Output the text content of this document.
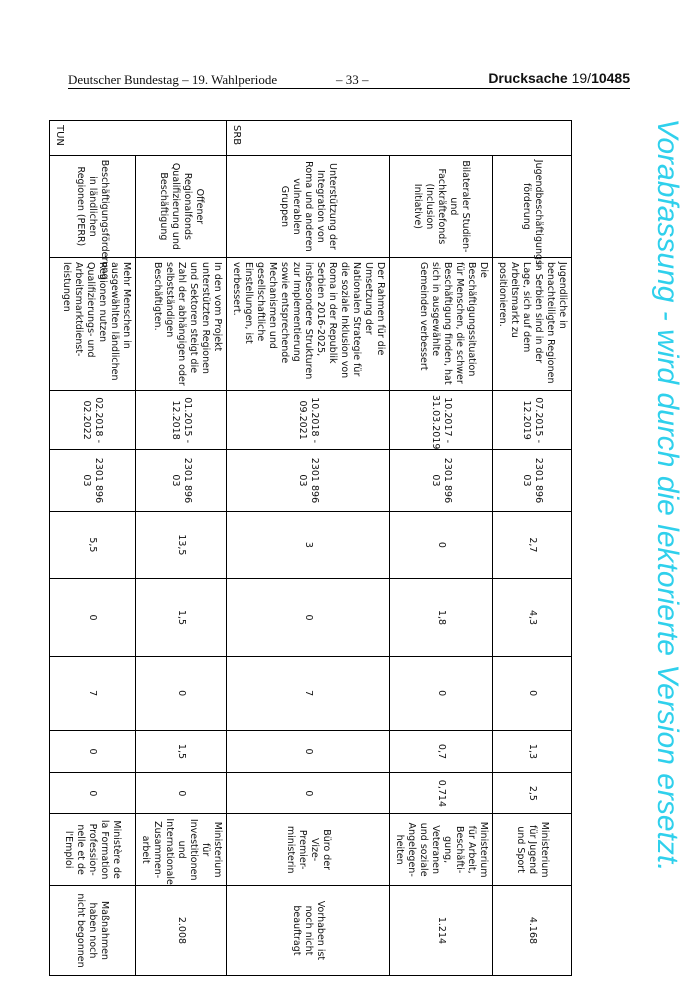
Deutscher Bundestag – 19. Wahlperiode	– 33 –	Drucksache 19/10485
Vorabfassung - wird durch die lektorierte Version ersetzt.
	Jugendbeschäftigungs-förderung	Jugendliche in benachteiligten Regionen in Serbien sind in der Lage, sich auf dem Arbeitsmarkt zu positionieren.	07.2015 - 12.2019	2301 896 03	2,7	4,3	0	1,3	2,5	Ministerium für Jugend und Sport	4.168
	Bilateraler Studien- und Fachkräftefonds (Inclusion Initiative)	Die Beschäftigungssituation für Menschen, die schwer Beschäftigung finden, hat sich in ausgewählte Gemeinden verbessert	10.2017 - 31.03.2019	2301 896 03	0	1,8	0	0,7	0,714	Ministerium für Arbeit, Beschäfti-gung, Veteranen und soziale Angelegen-heiten	1.214
SRB	Unterstützung der Integration von Roma und anderen vulnerablen Gruppen	Der Rahmen für die Umsetzung der Nationalen Strategie für die soziale Inklusion von Roma in der Republik Serbien 2016-2025, insbesondere Strukturen zur Implementierung sowie entsprechende Mechanismen und gesellschaftliche Einstellungen, ist verbessert.	10.2018 - 09.2021	2301 896 03	3	0	7	0	0	Büro der Vize-Premier-ministerin	Vorhaben ist noch nicht beauftragt
	Offener Regionalfonds Qualifizierung und Beschäftigung	In den vom Projekt unterstützten Regionen und Sektoren steigt die Zahl der abhängigen oder selbstständigen Beschäftigten.	01.2015 - 12.2018	2301 896 03	13,5	1,5	0	1,5	0	Ministerium für Investitionen und Internationale Zusammen-arbeit	2.008
TUN	Beschäftigungsförderung in ländlichen Regionen (PERR)	Mehr Menschen in ausgewählten ländlichen Regionen nutzen Qualifizierungs- und Arbeitsmarktdienst-leistungen	02.2018 - 02.2022	2301 896 03	5,5	0	7	0	0	Ministère de la Formation Profession-nelle et de l'Emploi	Maßnahmen haben noch nicht begonnen
